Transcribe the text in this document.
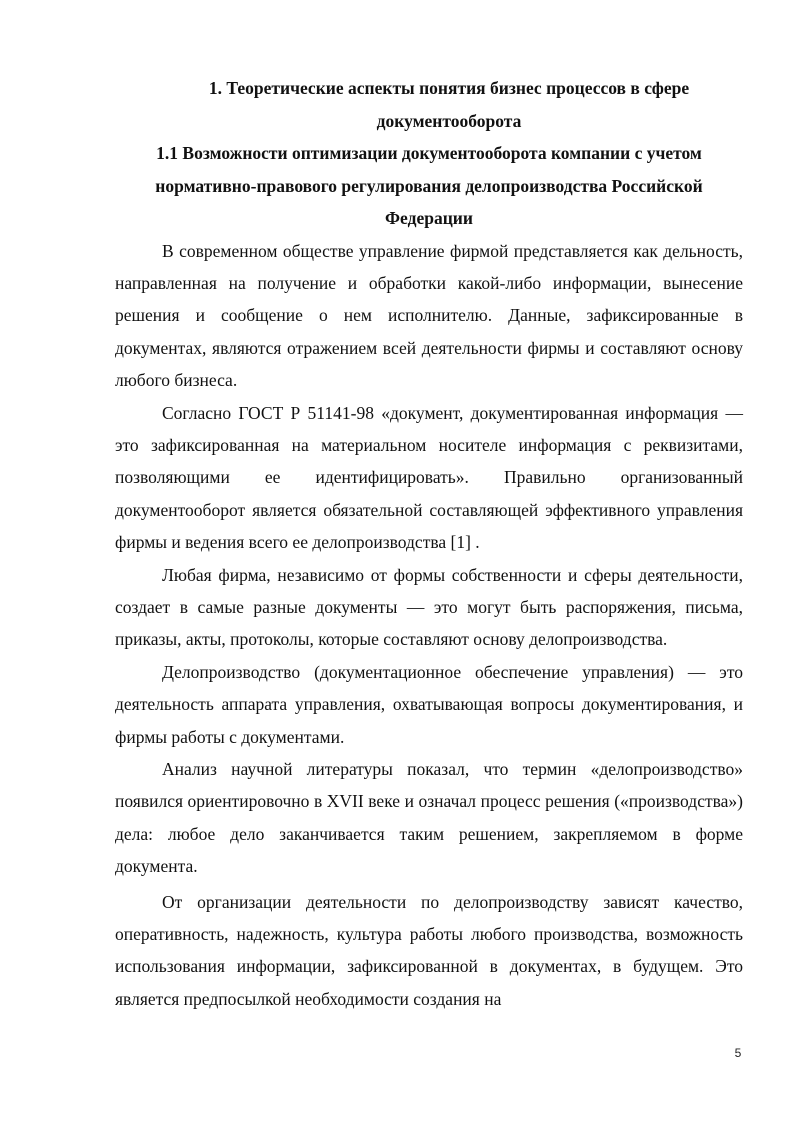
1. Теоретические аспекты понятия бизнес процессов в сфере документооборота

1.1 Возможности оптимизации документооборота компании с учетом нормативно-правового регулирования делопроизводства Российской Федерации

В современном обществе управление фирмой представляется как дельность, направленная на получение и обработки какой-либо информации, вынесение решения и сообщение о нем исполнителю. Данные, зафиксированные в документах, являются отражением всей деятельности фирмы и составляют основу любого бизнеса.

Согласно ГОСТ Р 51141-98 «документ, документированная информация — это зафиксированная на материальном носителе информация с реквизитами, позволяющими ее идентифицировать». Правильно организованный документооборот является обязательной составляющей эффективного управления фирмы и ведения всего ее делопроизводства [1] .

Любая фирма, независимо от формы собственности и сферы деятельности, создает в самые разные документы — это могут быть распоряжения, письма, приказы, акты, протоколы, которые составляют основу делопроизводства.

Делопроизводство (документационное обеспечение управления) — это деятельность аппарата управления, охватывающая вопросы документирования, и фирмы работы с документами.

Анализ научной литературы показал, что термин «делопроизводство» появился ориентировочно в XVII веке и означал процесс решения («производства») дела: любое дело заканчивается таким решением, закрепляемом в форме документа.

От организации деятельности по делопроизводству зависят качество, оперативность, надежность, культура работы любого производства, возможность использования информации, зафиксированной в документах, в будущем. Это является предпосылкой необходимости создания на

5
